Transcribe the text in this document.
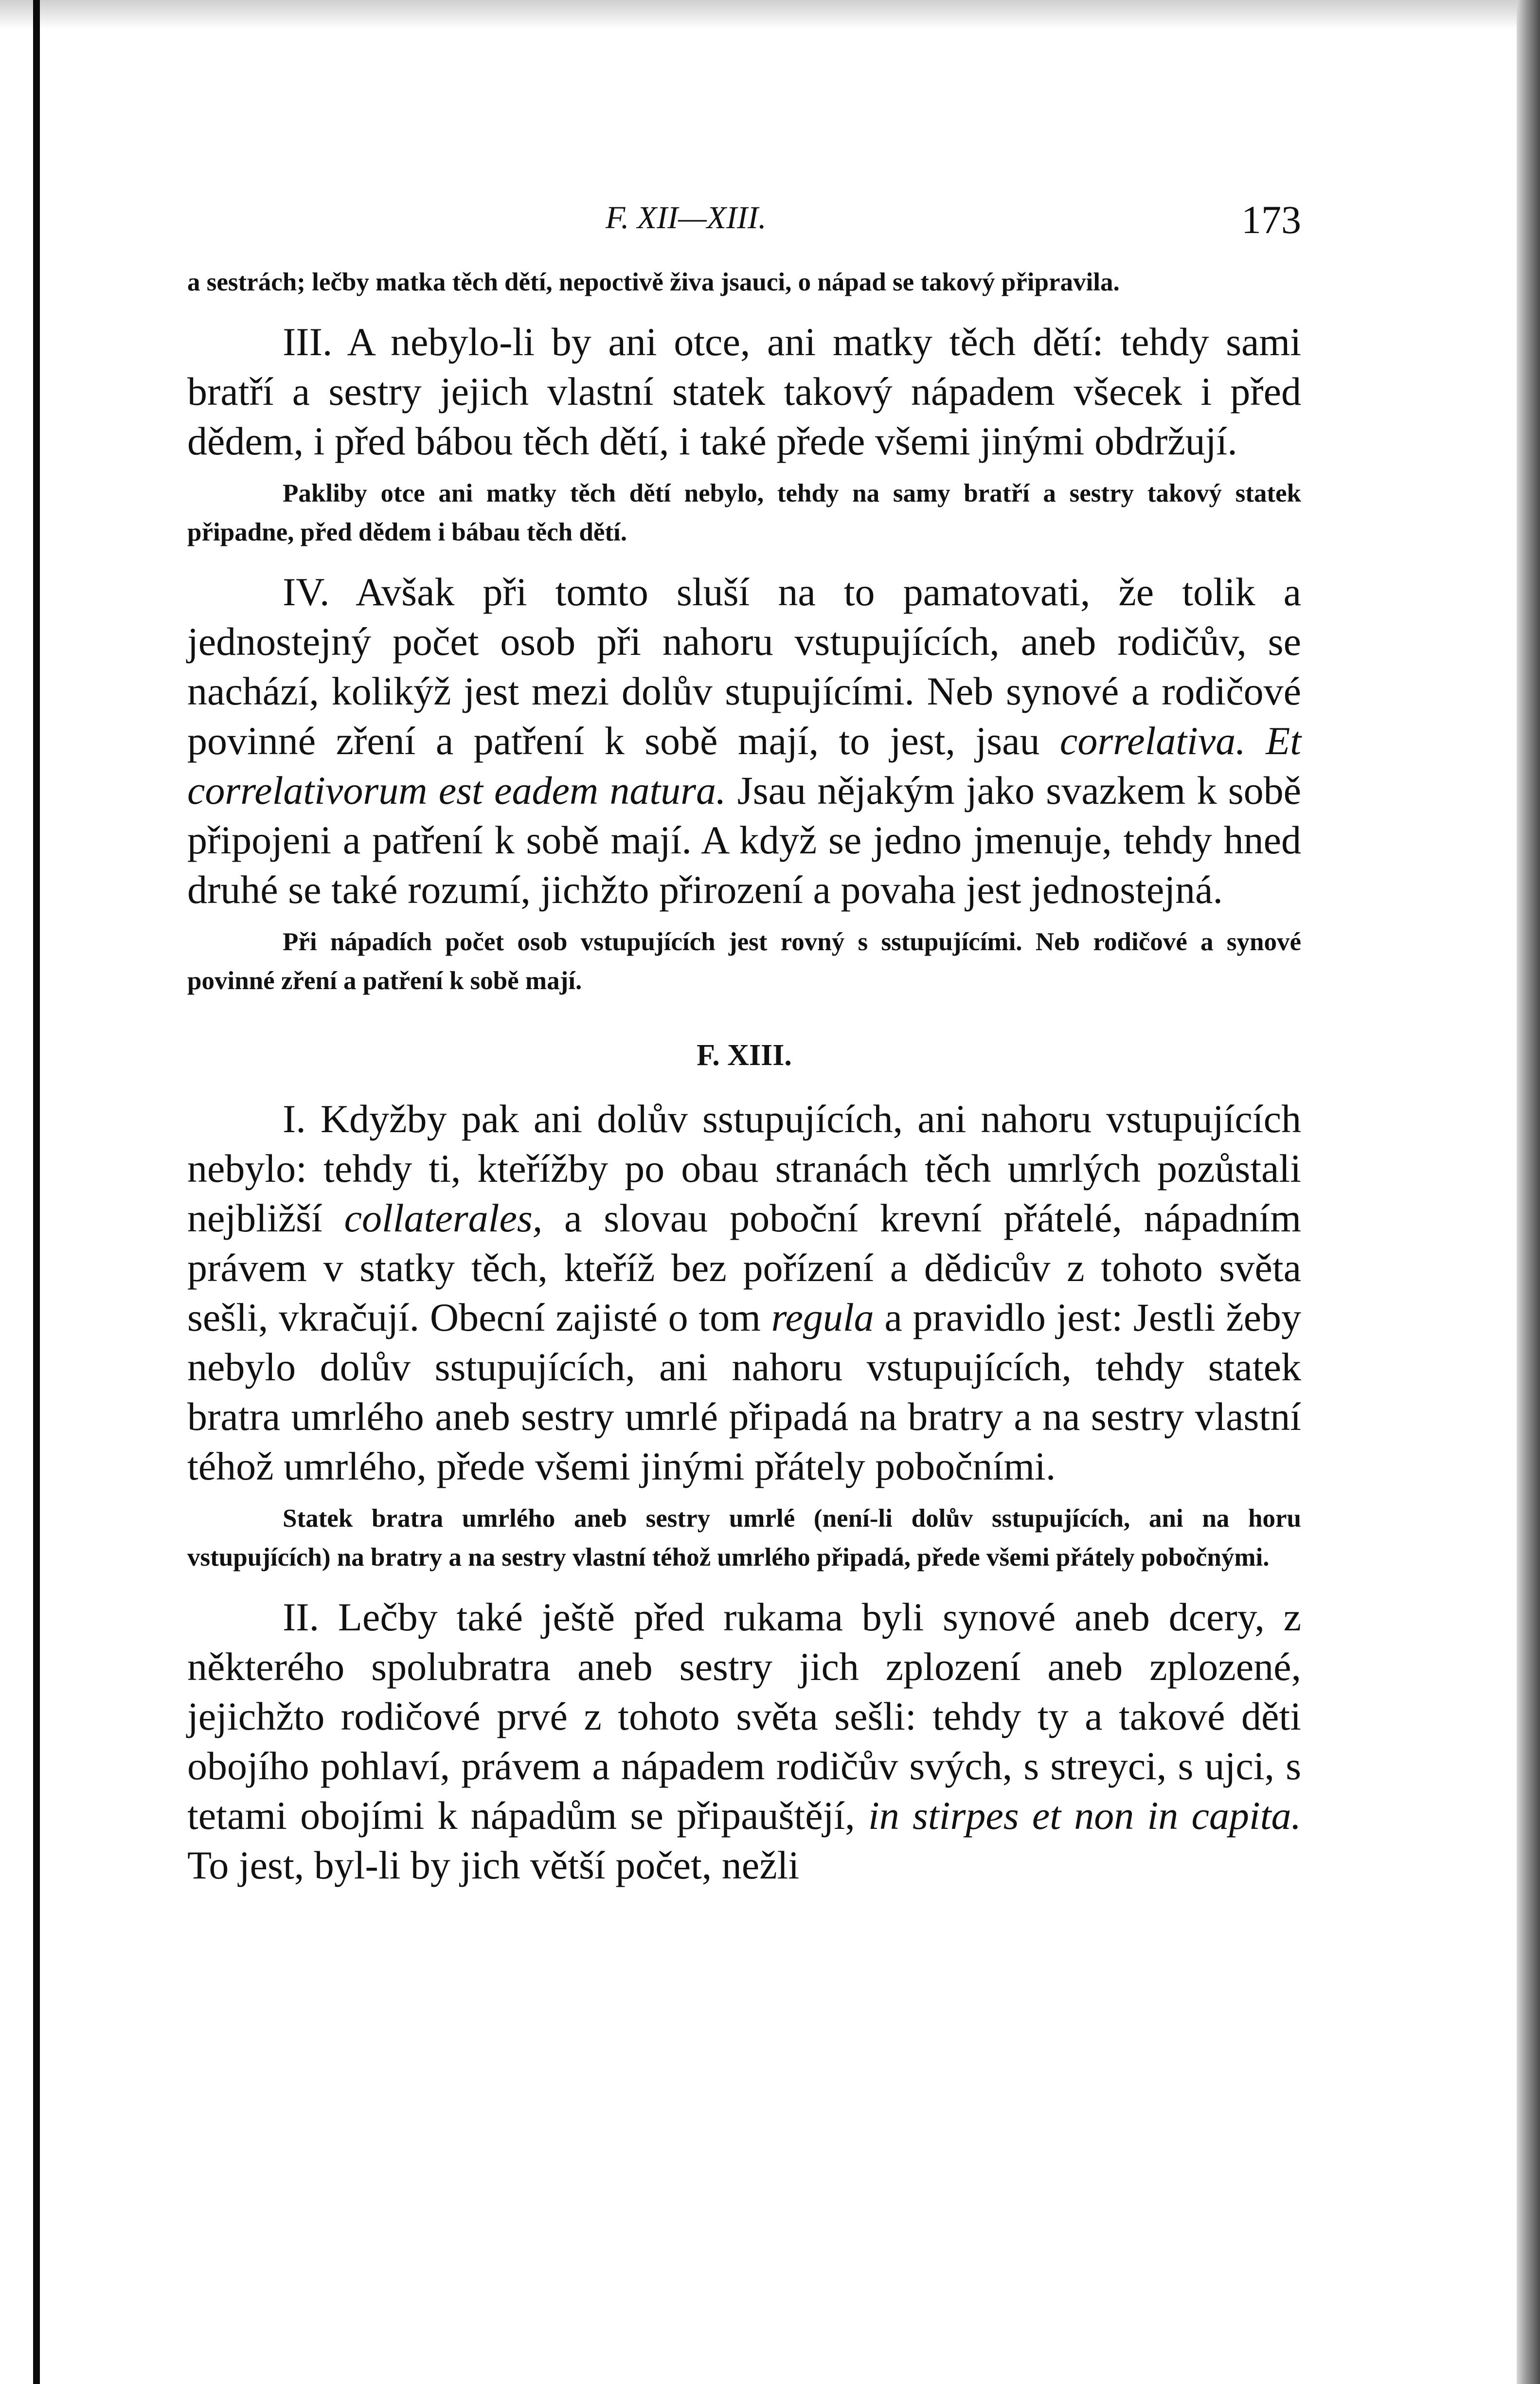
F. XII—XIII.	173

a sestrách; lečby matka těch dětí, nepoctivě živa jsauci, o nápad se takový připravila.

III. A nebylo-li by ani otce, ani matky těch dětí: tehdy sami bratří a sestry jejich vlastní statek takový nápadem všecek i před dědem, i před bábou těch dětí, i také přede všemi jinými obdržují.

Pakliby otce ani matky těch dětí nebylo, tehdy na samy bratří a sestry takový statek připadne, před dědem i bábau těch dětí.

IV. Avšak při tomto sluší na to pamatovati, že tolik a jednostejný počet osob při nahoru vstupujících, aneb rodičův, se nachází, kolikýž jest mezi dolův stupujícími. Neb synové a rodičové povinné zření a patření k sobě mají, to jest, jsau correlativa. Et correlativorum est eadem natura. Jsau nějakým jako svazkem k sobě připojeni a patření k sobě mají. A když se jedno jmenuje, tehdy hned druhé se také rozumí, jichžto přirození a povaha jest jednostejná.

Při nápadích počet osob vstupujících jest rovný s sstupujícími. Neb rodičové a synové povinné zření a patření k sobě mají.

F. XIII.

I. Kdyžby pak ani dolův sstupujících, ani nahoru vstupujících nebylo: tehdy ti, kteřížby po obau stranách těch umrlých pozůstali nejbližší collaterales, a slovau poboční krevní přátelé, nápadním právem v statky těch, kteříž bez pořízení a dědicův z tohoto světa sešli, vkračují. Obecní zajisté o tom regula a pravidlo jest: Jestli žeby nebylo dolův sstupujících, ani nahoru vstupujících, tehdy statek bratra umrlého aneb sestry umrlé připadá na bratry a na sestry vlastní téhož umrlého, přede všemi jinými přátely pobočními.

Statek bratra umrlého aneb sestry umrlé (není-li dolův sstupujících, ani na horu vstupujících) na bratry a na sestry vlastní téhož umrlého připadá, přede všemi přátely pobočnými.

II. Lečby také ještě před rukama byli synové aneb dcery, z některého spolubratra aneb sestry jich zplození aneb zplozené, jejichžto rodičové prvé z tohoto světa sešli: tehdy ty a takové děti obojího pohlaví, právem a nápadem rodičův svých, s streyci, s ujci, s tetami obojími k nápadům se připauštějí, in stirpes et non in capita. To jest, byl-li by jich větší počet, nežli
